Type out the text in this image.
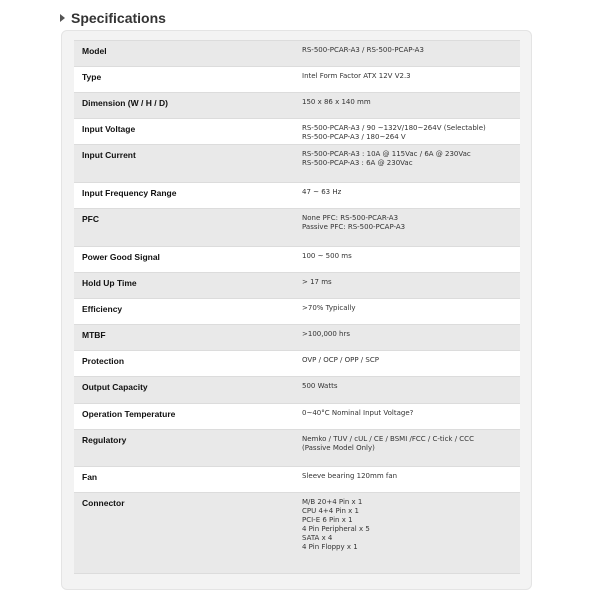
Specifications
Model	RS-500-PCAR-A3 / RS-500-PCAP-A3
Type	Intel Form Factor ATX 12V V2.3
Dimension (W / H / D)	150 x 86 x 140 mm
Input Voltage	RS-500-PCAR-A3 / 90 ~132V/180~264V (Selectable)
RS-500-PCAP-A3 / 180~264 V
Input Current	RS-500-PCAR-A3 : 10A @ 115Vac / 6A @ 230Vac
RS-500-PCAP-A3 : 6A @ 230Vac
Input Frequency Range	47 ~ 63 Hz
PFC	None PFC: RS-500-PCAR-A3
Passive PFC: RS-500-PCAP-A3
Power Good Signal	100 ~ 500 ms
Hold Up Time	> 17 ms
Efficiency	>70% Typically
MTBF	>100,000 hrs
Protection	OVP / OCP / OPP / SCP
Output Capacity	500 Watts
Operation Temperature	0~40°C Nominal Input Voltage?
Regulatory	Nemko / TUV / cUL / CE / BSMI /FCC / C-tick / CCC
(Passive Model Only)
Fan	Sleeve bearing 120mm fan
Connector	M/B 20+4 Pin x 1
CPU 4+4 Pin x 1
PCI-E 6 Pin x 1
4 Pin Peripheral x 5
SATA x 4
4 Pin Floppy x 1
